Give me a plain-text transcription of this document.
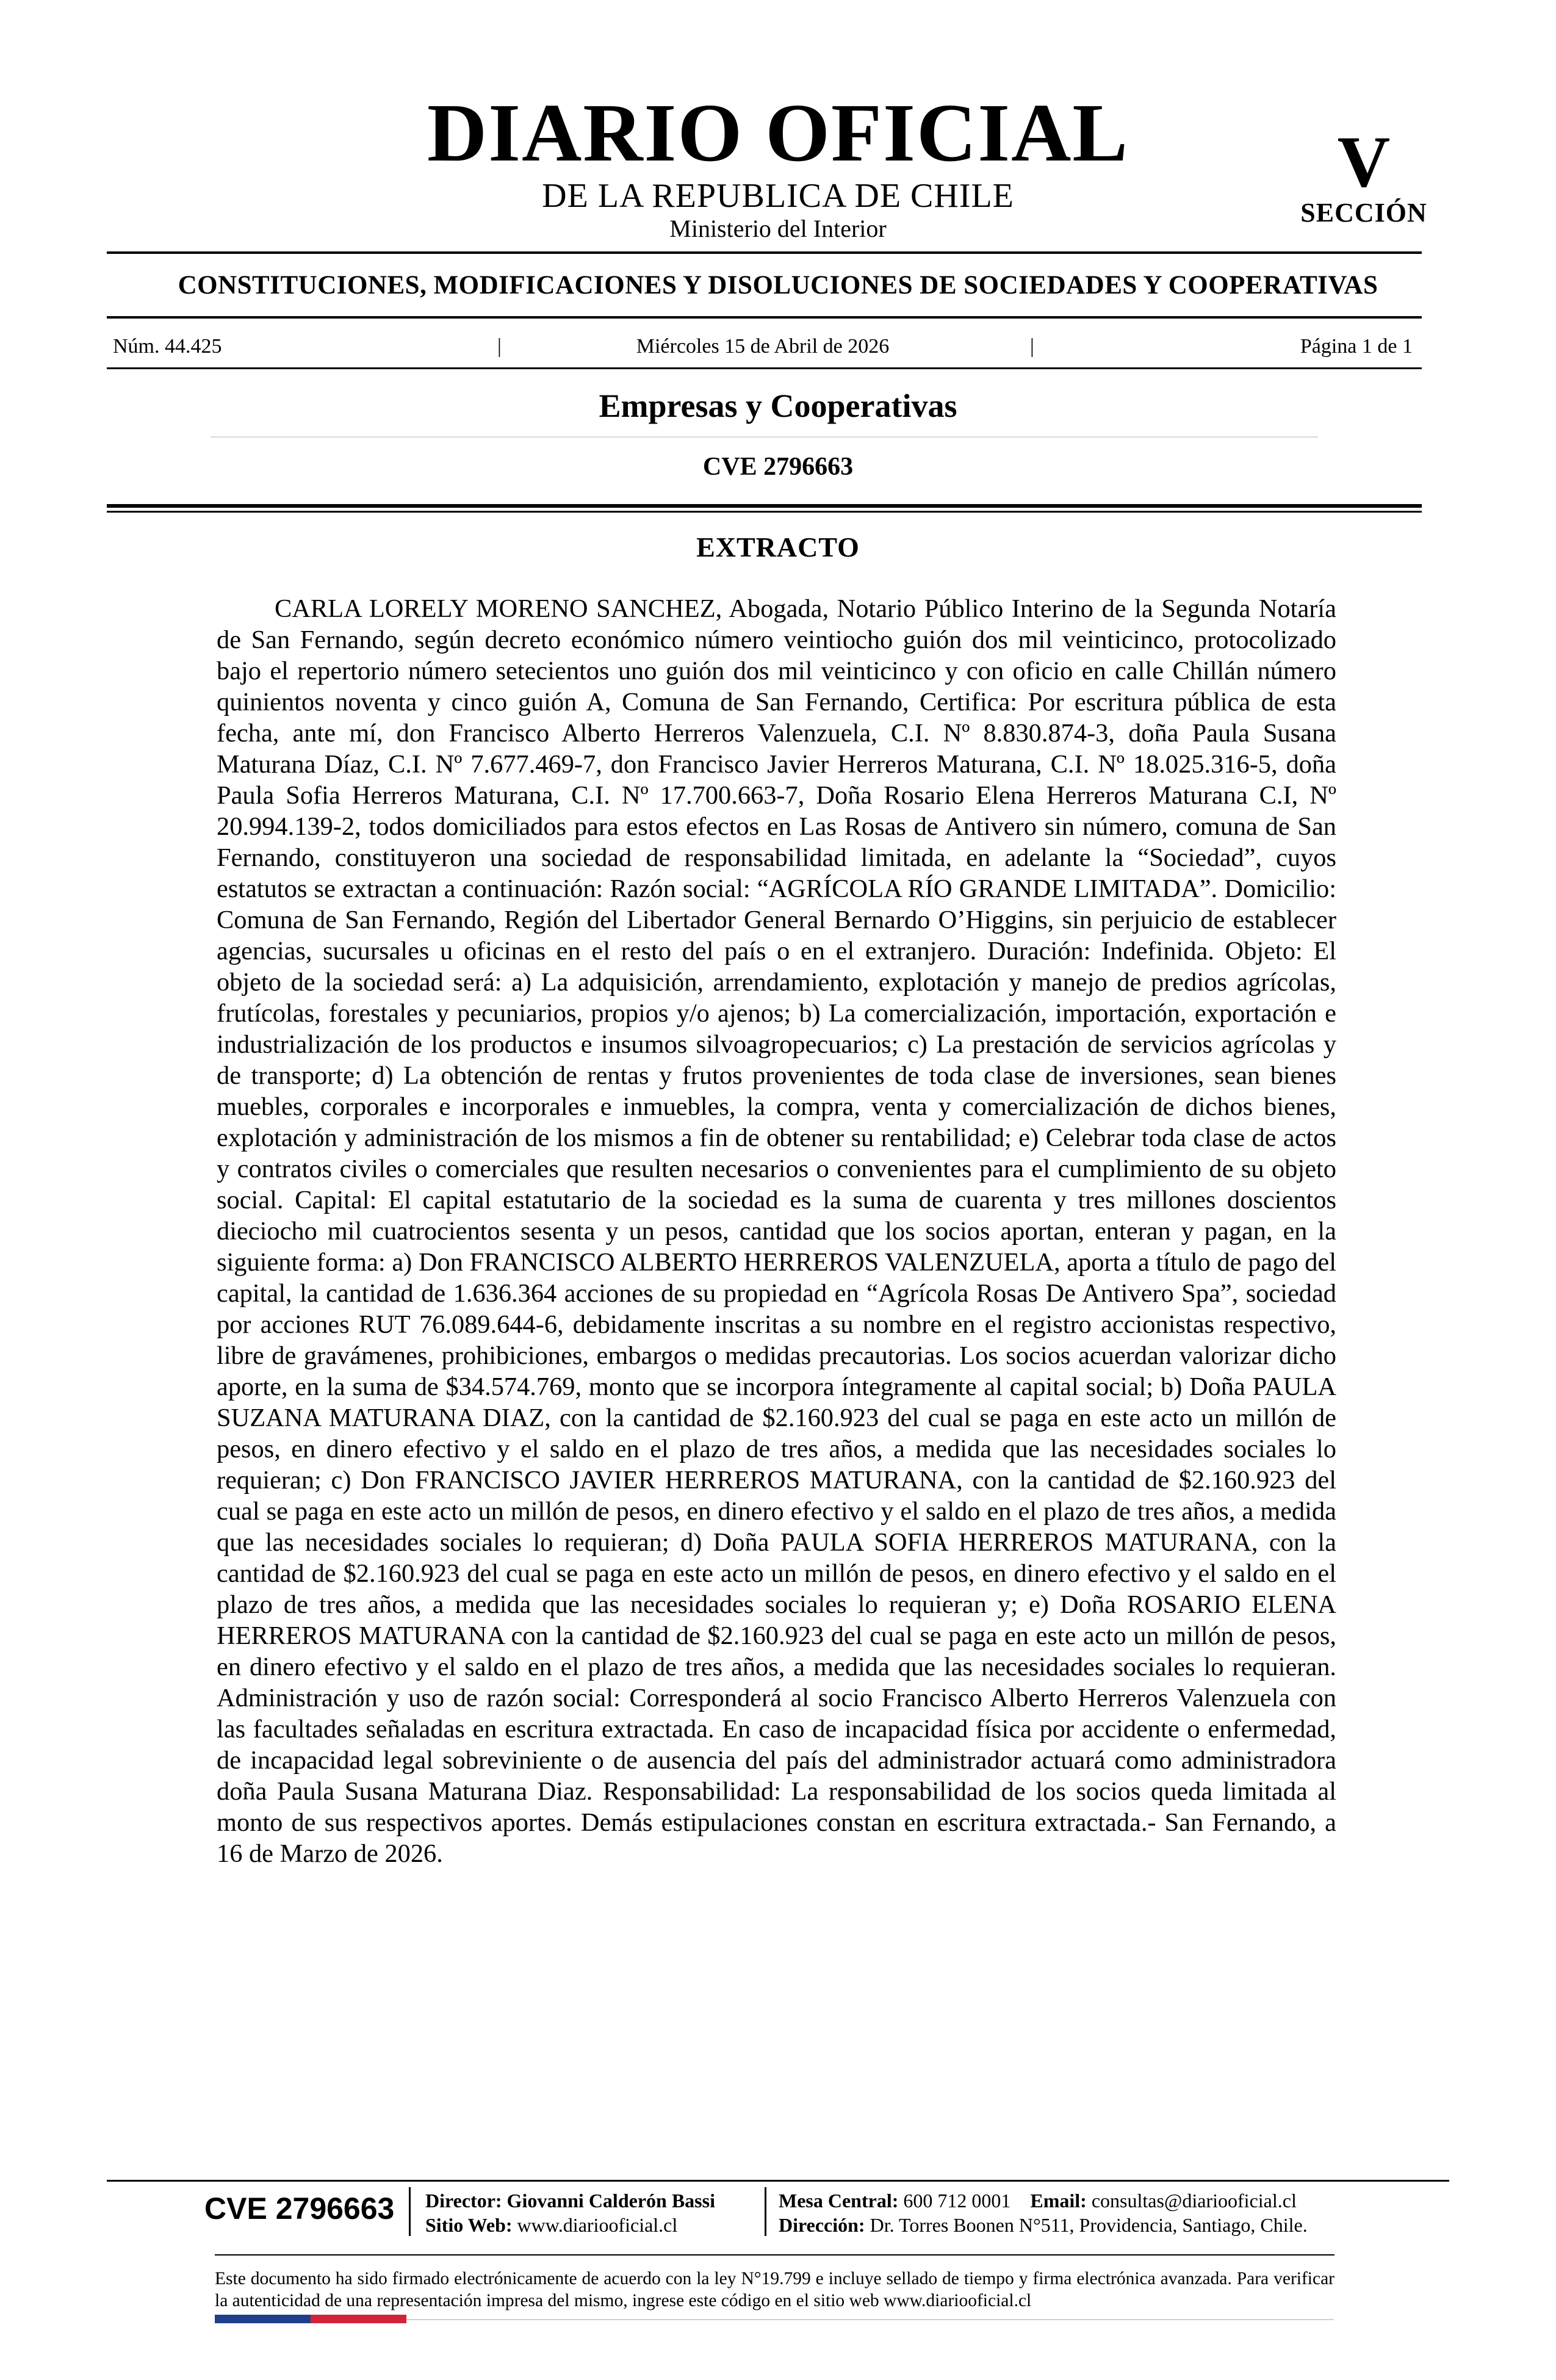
DIARIO OFICIAL
DE LA REPUBLICA DE CHILE
Ministerio del Interior
V
SECCIÓN
CONSTITUCIONES, MODIFICACIONES Y DISOLUCIONES DE SOCIEDADES Y COOPERATIVAS
Núm. 44.425	|	Miércoles 15 de Abril de 2026	|	Página 1 de 1
Empresas y Cooperativas
CVE 2796663
EXTRACTO
CARLA LORELY MORENO SANCHEZ, Abogada, Notario Público Interino de la Segunda Notaría de San Fernando, según decreto económico número veintiocho guión dos mil veinticinco, protocolizado bajo el repertorio número setecientos uno guión dos mil veinticinco y con oficio en calle Chillán número quinientos noventa y cinco guión A, Comuna de San Fernando, Certifica: Por escritura pública de esta fecha, ante mí, don Francisco Alberto Herreros Valenzuela, C.I. Nº 8.830.874-3, doña Paula Susana Maturana Díaz, C.I. Nº 7.677.469-7, don Francisco Javier Herreros Maturana, C.I. Nº 18.025.316-5, doña Paula Sofia Herreros Maturana, C.I. Nº 17.700.663-7, Doña Rosario Elena Herreros Maturana C.I, Nº 20.994.139-2, todos domiciliados para estos efectos en Las Rosas de Antivero sin número, comuna de San Fernando, constituyeron una sociedad de responsabilidad limitada, en adelante la “Sociedad”, cuyos estatutos se extractan a continuación: Razón social: “AGRÍCOLA RÍO GRANDE LIMITADA”. Domicilio: Comuna de San Fernando, Región del Libertador General Bernardo O’Higgins, sin perjuicio de establecer agencias, sucursales u oficinas en el resto del país o en el extranjero. Duración: Indefinida. Objeto: El objeto de la sociedad será: a) La adquisición, arrendamiento, explotación y manejo de predios agrícolas, frutícolas, forestales y pecuniarios, propios y/o ajenos; b) La comercialización, importación, exportación e industrialización de los productos e insumos silvoagropecuarios; c) La prestación de servicios agrícolas y de transporte; d) La obtención de rentas y frutos provenientes de toda clase de inversiones, sean bienes muebles, corporales e incorporales e inmuebles, la compra, venta y comercialización de dichos bienes, explotación y administración de los mismos a fin de obtener su rentabilidad; e) Celebrar toda clase de actos y contratos civiles o comerciales que resulten necesarios o convenientes para el cumplimiento de su objeto social. Capital: El capital estatutario de la sociedad es la suma de cuarenta y tres millones doscientos dieciocho mil cuatrocientos sesenta y un pesos, cantidad que los socios aportan, enteran y pagan, en la siguiente forma: a) Don FRANCISCO ALBERTO HERREROS VALENZUELA, aporta a título de pago del capital, la cantidad de 1.636.364 acciones de su propiedad en “Agrícola Rosas De Antivero Spa”, sociedad por acciones RUT 76.089.644-6, debidamente inscritas a su nombre en el registro accionistas respectivo, libre de gravámenes, prohibiciones, embargos o medidas precautorias. Los socios acuerdan valorizar dicho aporte, en la suma de $34.574.769, monto que se incorpora íntegramente al capital social; b) Doña PAULA SUZANA MATURANA DIAZ, con la cantidad de $2.160.923 del cual se paga en este acto un millón de pesos, en dinero efectivo y el saldo en el plazo de tres años, a medida que las necesidades sociales lo requieran; c) Don FRANCISCO JAVIER HERREROS MATURANA, con la cantidad de $2.160.923 del cual se paga en este acto un millón de pesos, en dinero efectivo y el saldo en el plazo de tres años, a medida que las necesidades sociales lo requieran; d) Doña PAULA SOFIA HERREROS MATURANA, con la cantidad de $2.160.923 del cual se paga en este acto un millón de pesos, en dinero efectivo y el saldo en el plazo de tres años, a medida que las necesidades sociales lo requieran y; e) Doña ROSARIO ELENA HERREROS MATURANA con la cantidad de $2.160.923 del cual se paga en este acto un millón de pesos, en dinero efectivo y el saldo en el plazo de tres años, a medida que las necesidades sociales lo requieran. Administración y uso de razón social: Corresponderá al socio Francisco Alberto Herreros Valenzuela con las facultades señaladas en escritura extractada. En caso de incapacidad física por accidente o enfermedad, de incapacidad legal sobreviniente o de ausencia del país del administrador actuará como administradora doña Paula Susana Maturana Diaz. Responsabilidad: La responsabilidad de los socios queda limitada al monto de sus respectivos aportes. Demás estipulaciones constan en escritura extractada.- San Fernando, a 16 de Marzo de 2026.
CVE 2796663 Director: Giovanni Calderón Bassi
Sitio Web: www.diariooficial.cl
Mesa Central: 600 712 0001 Email: consultas@diariooficial.cl
Dirección: Dr. Torres Boonen N°511, Providencia, Santiago, Chile.
Este documento ha sido firmado electrónicamente de acuerdo con la ley N°19.799 e incluye sellado de tiempo y firma electrónica avanzada. Para verificar la autenticidad de una representación impresa del mismo, ingrese este código en el sitio web www.diariooficial.cl
